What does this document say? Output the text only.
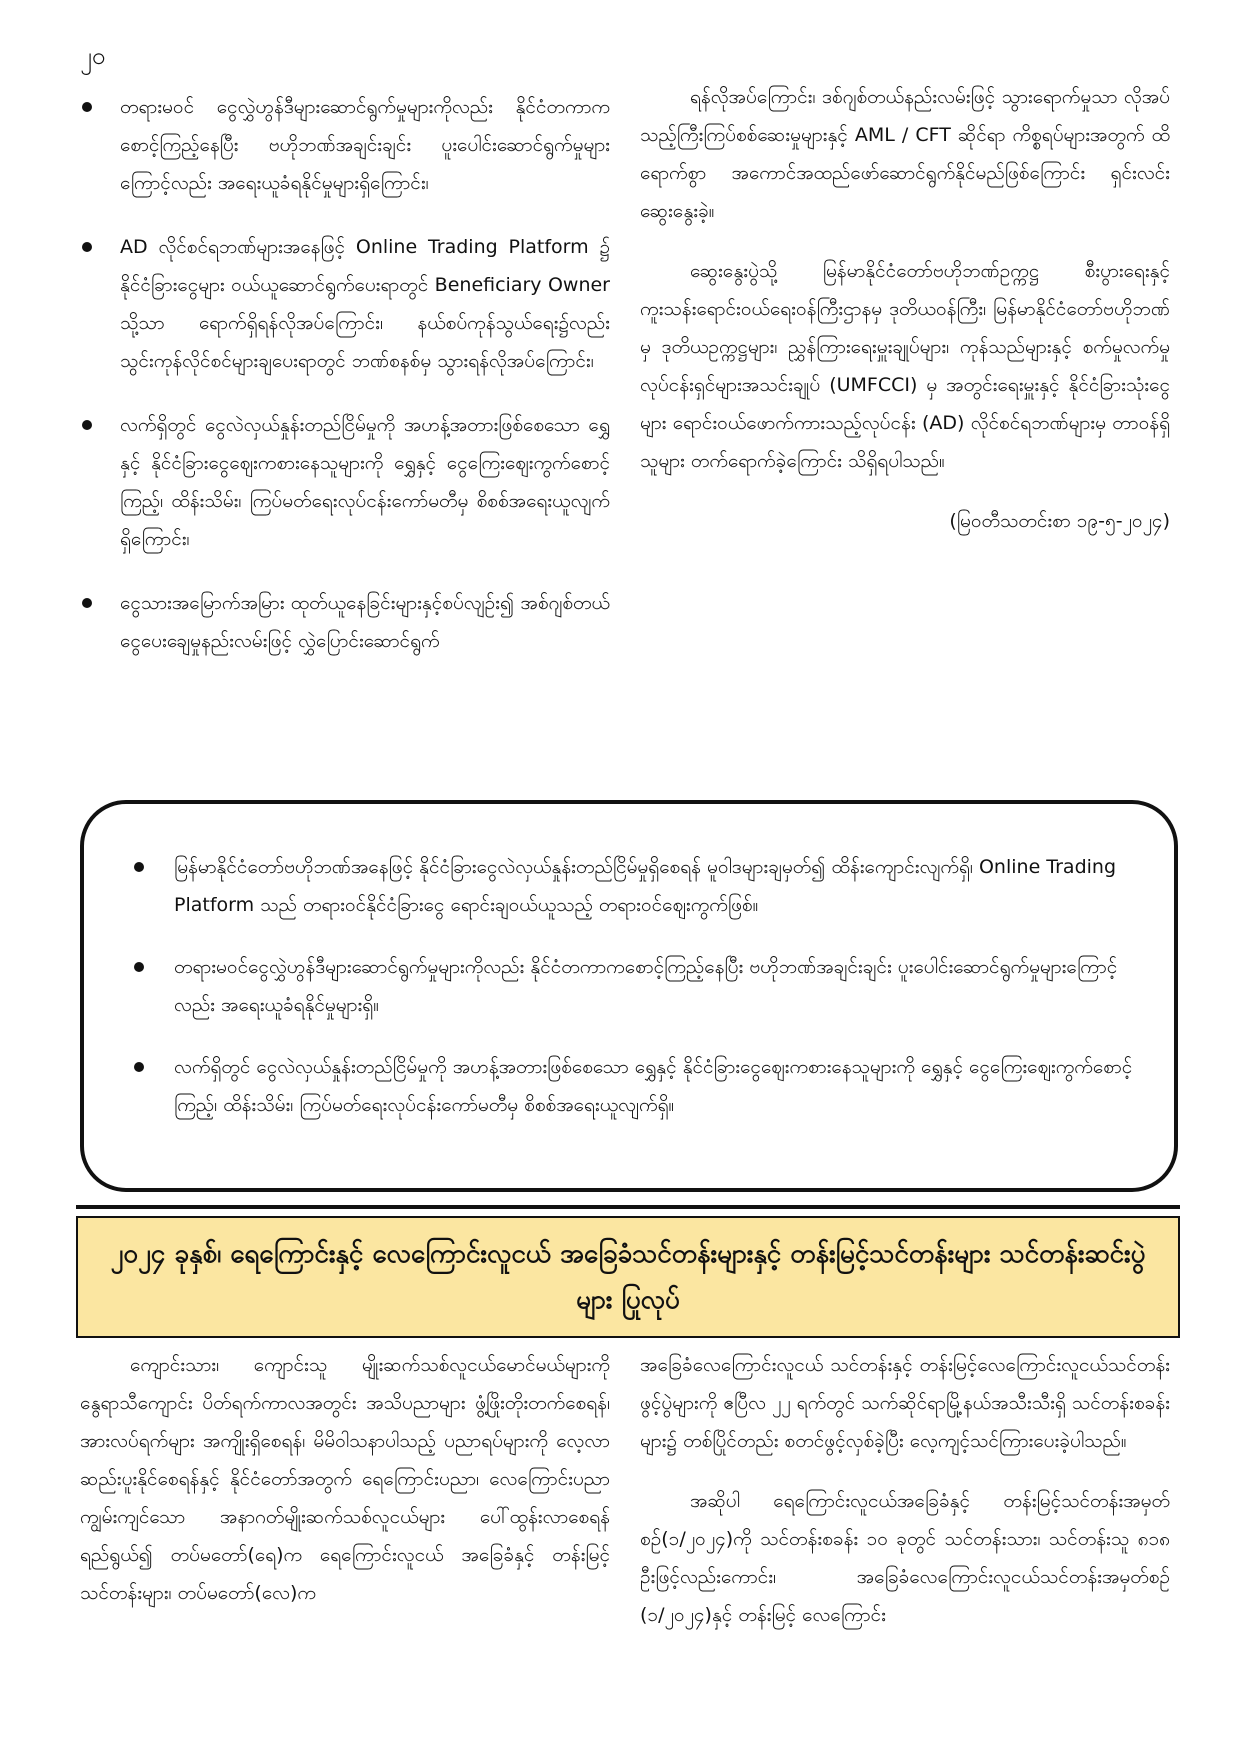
၂၀
တရားမဝင် ငွေလွှဲဟွန်ဒီများဆောင်ရွက်မှုများကိုလည်း နိုင်ငံတကာကစောင့်ကြည့်နေပြီး ဗဟိုဘဏ်အချင်းချင်း ပူးပေါင်းဆောင်ရွက်မှုများကြောင့်လည်း အရေးယူခံရနိုင်မှုများရှိကြောင်း၊
AD လိုင်စင်ရဘဏ်များအနေဖြင့် Online Trading Platform ၌ နိုင်ငံခြားငွေများ ဝယ်ယူဆောင်ရွက်ပေးရာတွင် Beneficiary Owner သို့သာ ရောက်ရှိရန်လိုအပ်ကြောင်း၊ နယ်စပ်ကုန်သွယ်ရေး၌လည်း သွင်းကုန်လိုင်စင်များချပေးရာတွင် ဘဏ်စနစ်မှ သွားရန်လိုအပ်ကြောင်း၊
လက်ရှိတွင် ငွေလဲလှယ်နှုန်းတည်ငြိမ်မှုကို အဟန့်အတားဖြစ်စေသော ရွှေနှင့် နိုင်ငံခြားငွေဈေးကစားနေသူများကို ရွှေနှင့် ငွေကြေးဈေးကွက်စောင့်ကြည့်၊ ထိန်းသိမ်း၊ ကြပ်မတ်ရေးလုပ်ငန်းကော်မတီမှ စိစစ်အရေးယူလျက်ရှိကြောင်း၊
ငွေသားအမြောက်အမြား ထုတ်ယူနေခြင်းများနှင့်စပ်လျဉ်း၍ အစ်ဂျစ်တယ်ငွေပေးချေမှုနည်းလမ်းဖြင့် လွှဲပြောင်းဆောင်ရွက်

ရန်လိုအပ်ကြောင်း၊ ဒစ်ဂျစ်တယ်နည်းလမ်းဖြင့် သွားရောက်မှုသာ လိုအပ်သည့်ကြီးကြပ်စစ်ဆေးမှုများနှင့် AML / CFT ဆိုင်ရာ ကိစ္စရပ်များအတွက် ထိရောက်စွာ အကောင်အထည်ဖော်ဆောင်ရွက်နိုင်မည်ဖြစ်ကြောင်း ရှင်းလင်းဆွေးနွေးခဲ့။

ဆွေးနွေးပွဲသို့ မြန်မာနိုင်ငံတော်ဗဟိုဘဏ်ဥက္ကဋ္ဌ စီးပွားရေးနှင့် ကူးသန်းရောင်းဝယ်ရေးဝန်ကြီးဌာနမှ ဒုတိယဝန်ကြီး၊ မြန်မာနိုင်ငံတော်ဗဟိုဘဏ်မှ ဒုတိယဥက္ကဋ္ဌများ၊ ညွှန်ကြားရေးမှူးချုပ်များ၊ ကုန်သည်များနှင့် စက်မှုလက်မှုလုပ်ငန်းရှင်များအသင်းချုပ် (UMFCCI) မှ အတွင်းရေးမှူးနှင့် နိုင်ငံခြားသုံးငွေများ ရောင်းဝယ်ဖောက်ကားသည့်လုပ်ငန်း (AD) လိုင်စင်ရဘဏ်များမှ တာဝန်ရှိသူများ တက်ရောက်ခဲ့ကြောင်း သိရှိရပါသည်။

(မြဝတီသတင်းစာ ၁၉-၅-၂၀၂၄)

မြန်မာနိုင်ငံတော်ဗဟိုဘဏ်အနေဖြင့် နိုင်ငံခြားငွေလဲလှယ်နှုန်းတည်ငြိမ်မှုရှိစေရန် မူဝါဒများချမှတ်၍ ထိန်းကျောင်းလျက်ရှိ၊ Online Trading Platform သည် တရားဝင်နိုင်ငံခြားငွေ ရောင်းချဝယ်ယူသည့် တရားဝင်ဈေးကွက်ဖြစ်။
တရားမဝင်ငွေလွှဲဟွန်ဒီများဆောင်ရွက်မှုများကိုလည်း နိုင်ငံတကာကစောင့်ကြည့်နေပြီး ဗဟိုဘဏ်အချင်းချင်း ပူးပေါင်းဆောင်ရွက်မှုများကြောင့်လည်း အရေးယူခံရနိုင်မှုများရှိ။
လက်ရှိတွင် ငွေလဲလှယ်နှုန်းတည်ငြိမ်မှုကို အဟန့်အတားဖြစ်စေသော ရွှေနှင့် နိုင်ငံခြားငွေဈေးကစားနေသူများကို ရွှေနှင့် ငွေကြေးဈေးကွက်စောင့်ကြည့်၊ ထိန်းသိမ်း၊ ကြပ်မတ်ရေးလုပ်ငန်းကော်မတီမှ စိစစ်အရေးယူလျက်ရှိ။
၂၀၂၄ ခုနှစ်၊ ရေကြောင်းနှင့် လေကြောင်းလူငယ် အခြေခံသင်တန်းများနှင့် တန်းမြင့်သင်တန်းများ သင်တန်းဆင်းပွဲများ ပြုလုပ်

ကျောင်းသား၊ ကျောင်းသူ မျိုးဆက်သစ်လူငယ်မောင်မယ်များကို နွေရာသီကျောင်း ပိတ်ရက်ကာလအတွင်း အသိပညာများ ဖွံ့ဖြိုးတိုးတက်စေရန်၊ အားလပ်ရက်များ အကျိုးရှိစေရန်၊ မိမိဝါသနာပါသည့် ပညာရပ်များကို လေ့လာဆည်းပူးနိုင်စေရန်နှင့် နိုင်ငံတော်အတွက် ရေကြောင်းပညာ၊ လေကြောင်းပညာ ကျွမ်းကျင်သော အနာဂတ်မျိုးဆက်သစ်လူငယ်များ ပေါ်ထွန်းလာစေရန်ရည်ရွယ်၍ တပ်မတော်(ရေ)က ရေကြောင်းလူငယ် အခြေခံနှင့် တန်းမြင့်သင်တန်းများ၊ တပ်မတော်(လေ)က

အခြေခံလေကြောင်းလူငယ် သင်တန်းနှင့် တန်းမြင့်လေကြောင်းလူငယ်သင်တန်းဖွင့်ပွဲများကို ဧပြီလ ၂၂ ရက်တွင် သက်ဆိုင်ရာမြို့နယ်အသီးသီးရှိ သင်တန်းစခန်းများ၌ တစ်ပြိုင်တည်း စတင်ဖွင့်လှစ်ခဲ့ပြီး လေ့ကျင့်သင်ကြားပေးခဲ့ပါသည်။

အဆိုပါ ရေကြောင်းလူငယ်အခြေခံနှင့် တန်းမြင့်သင်တန်းအမှတ်စဉ်(၁/၂၀၂၄)ကို သင်တန်းစခန်း ၁၀ ခုတွင် သင်တန်းသား၊ သင်တန်းသူ ၈၁၈ ဦးဖြင့်လည်းကောင်း၊ အခြေခံလေကြောင်းလူငယ်သင်တန်းအမှတ်စဉ် (၁/၂၀၂၄)နှင့် တန်းမြင့် လေကြောင်း
